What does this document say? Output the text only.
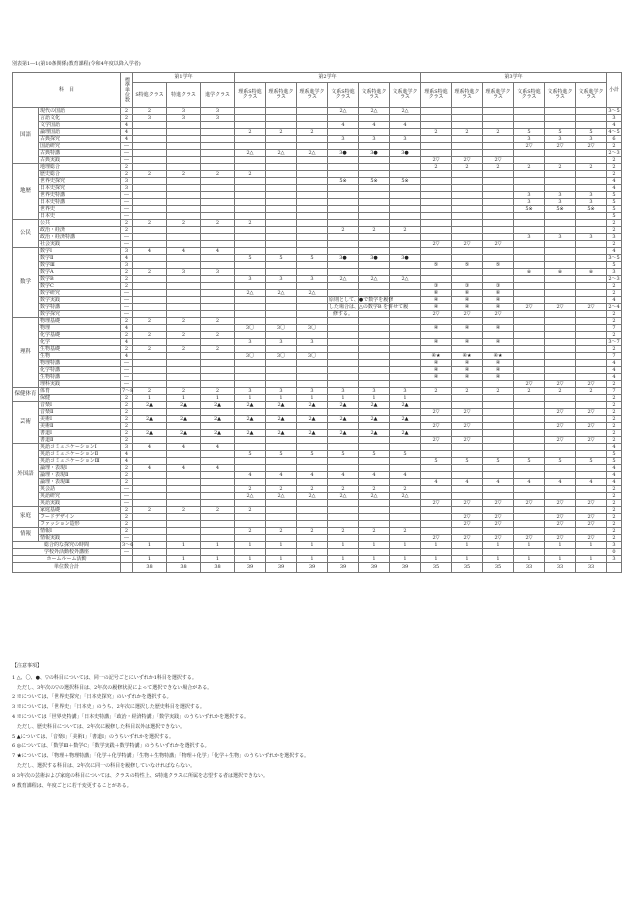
別表第1―1(第10条関係)教育課程(令和4年度以降入学者)
科　目		標準単位数	第1学年			第2学年						第3学年						小計
			S特進クラス	特進クラス	進学クラス	理系S特進クラス	理系特進クラス	理系進学クラス	文系S特進クラス	文系特進クラス	文系進学クラス	理系S特進クラス	理系特進クラス	理系進学クラス	文系S特進クラス	文系特進クラス	文系進学クラス	
国語	現代の国語	2	2	3	3				2△	2△	2△							3～5
	言語文化	2	3	3	3													3
	文学国語	4							4	4	4							4
	論理国語	4				2	2	2				2	2	2	5	5	5	4～5
	古典探究	4							3	3	3				3	3	3	6
	国語研究	―													2▽	2▽	2▽	2
	古典特講	―				2△	2△	2△	3●	3●	3●							2～3
	古典実践	―										2▽	2▽	2▽				2
地歴	地理総合	2										2	2	2	2	2	2	2
	歴史総合	2	2	2	2	2												2
	世界史探究	3							5※	5※	5※							4
	日本史探究	3																4
	世界史特講	―													3	3	3	5
	日本史特講	―													3	3	3	5
	世界史	―													5※	5※	5※	5
	日本史	―																5
公民	公共	2	2	2	2	2												2
	政治・経済	2							2	2	2							2
	政治・経済特講	―													3	3	3	3
	社会実践	―										2▽	2▽	2▽				2
数学	数学Ⅰ	3	4	4	4													4
	数学Ⅱ	4				5	5	5	3●	3●	3●							3～5
	数学Ⅲ	3										⑤	⑤	⑤				5
	数学A	2	2	3	3										※	※	※	3
	数学B	2				3	3	3	2△	2△	2△							2～3
	数学C	2										③	③	③				2
	数学研究	―				2△	2△	2△				⑥	⑥	⑥				2
	数学実践	―							原則として、●で数学を履修			④	④	④				4
	数学特講	―							した場合は、△の数学B を併せて履			④	④	④	2▽	2▽	2▽	2～4
	数学探究	―							修する。			2▽	2▽	2▽				2
理科	物理基礎	2	2	2	2													2
	物理	4				3〇	3〇	3〇				④	④	④				7
	化学基礎	2	2	2	2													2
	化学	4				3	3	3				④	④	④				3～7
	生物基礎	2	2	2	2													2
	生物	4				3〇	3〇	3〇				④★	④★	④★				7
	物理特講	―										④	④	④				4
	化学特講	―										④	④	④				4
	生物特講	―										④	④	④				4
	理科実践	―													2▽	2▽	2▽	2
保健体育	体育	7～8	2	2	2	3	3	3	3	3	3	2	2	2	2	2	2	7
	保健	2	1	1	1	1	1	1	1	1	1							2
芸術	音楽Ⅰ	2	2▲	2▲	2▲	2▲	2▲	2▲	2▲	2▲	2▲							2
	音楽Ⅱ	2										2▽	2▽			2▽	2▽	2
	美術Ⅰ	2	2▲	2▲	2▲	2▲	2▲	2▲	2▲	2▲	2▲							2
	美術Ⅱ	2										2▽	2▽			2▽	2▽	2
	書道Ⅰ	2	2▲	2▲	2▲	2▲	2▲	2▲	2▲	2▲	2▲							2
	書道Ⅱ	2										2▽	2▽			2▽	2▽	2
外国語	英語コミュニケーションⅠ	3	4	4	4													4
	英語コミュニケーションⅡ	4				5	5	5	5	5	5							5
	英語コミュニケーションⅢ	4										5	5	5	5	5	5	5
	論理・表現Ⅰ	2	4	4	4													4
	論理・表現Ⅱ	2				4	4	4	4	4	4							4
	論理・表現Ⅲ	2										4	4	4	4	4	4	4
	英会話	―				2	2	2	2	2	2							2
	英語研究	―				2△	2△	2△	2△	2△	2△							2
	英語実践	―										2▽	2▽	2▽	2▽	2▽	2▽	2
家庭	家庭基礎	2	2	2	2	2												2
	フードデザイン	2											2▽	2▽		2▽	2▽	2
	ファッション造形	2											2▽	2▽		2▽	2▽	2
情報	情報Ⅰ	2				2	2	2	2	2	2							2
	情報実践	―										2▽	2▽	2▽	2▽	2▽	2▽	2
総合的な探究の時間		3～6	1	1	1	1	1	1	1	1	1	1	1	1	1	1	1	3
学校外活動校外講座		―																0
ホームルーム活動			1	1	1	1	1	1	1	1	1	1	1	1	1	1	1	3
単位数合計			38	38	38	39	39	39	39	39	39	35	35	35	33	33	33	

【注意事項】

1 △、〇、●、▽の科目については、同一の記号ごとにいずれか1科目を選択する。

　ただし、3年次の▽の選択科目は、2年次の履修状況によって選択できない場合がある。

2 ※については、「世界史探究」「日本史探究」のいずれかを選択する。

3 ※については、「世界史」「日本史」のうち、2年次に選択した歴史科目を選択する。

4 ※については「世界史特講」「日本史特講」「政治・経済特講」「数学実践」のうちいずれかを選択する。

　ただし、歴史科目については、2年次に履修した科目以外は選択できない。

5 ▲については、「音楽Ⅰ」「美術Ⅰ」「書道Ⅰ」のうちいずれかを選択する。

6 ◎については、「数学Ⅲ＋数学C」「数学実践＋数学特講」のうちいずれかを選択する。

7 ★については、「物理＋物理特講」「化学＋化学特講」「生物＋生物特講」「物理＋化学」「化学＋生物」のうちいずれかを選択する。

　ただし、選択する科目は、2年次に同一の科目を履修していなければならない。

8 3年次の芸術および家庭の科目については、クラスの特性上、S特進クラスに所属を志望する者は選択できない。

9 教育課程は、年度ごとに若干変更することがある。
